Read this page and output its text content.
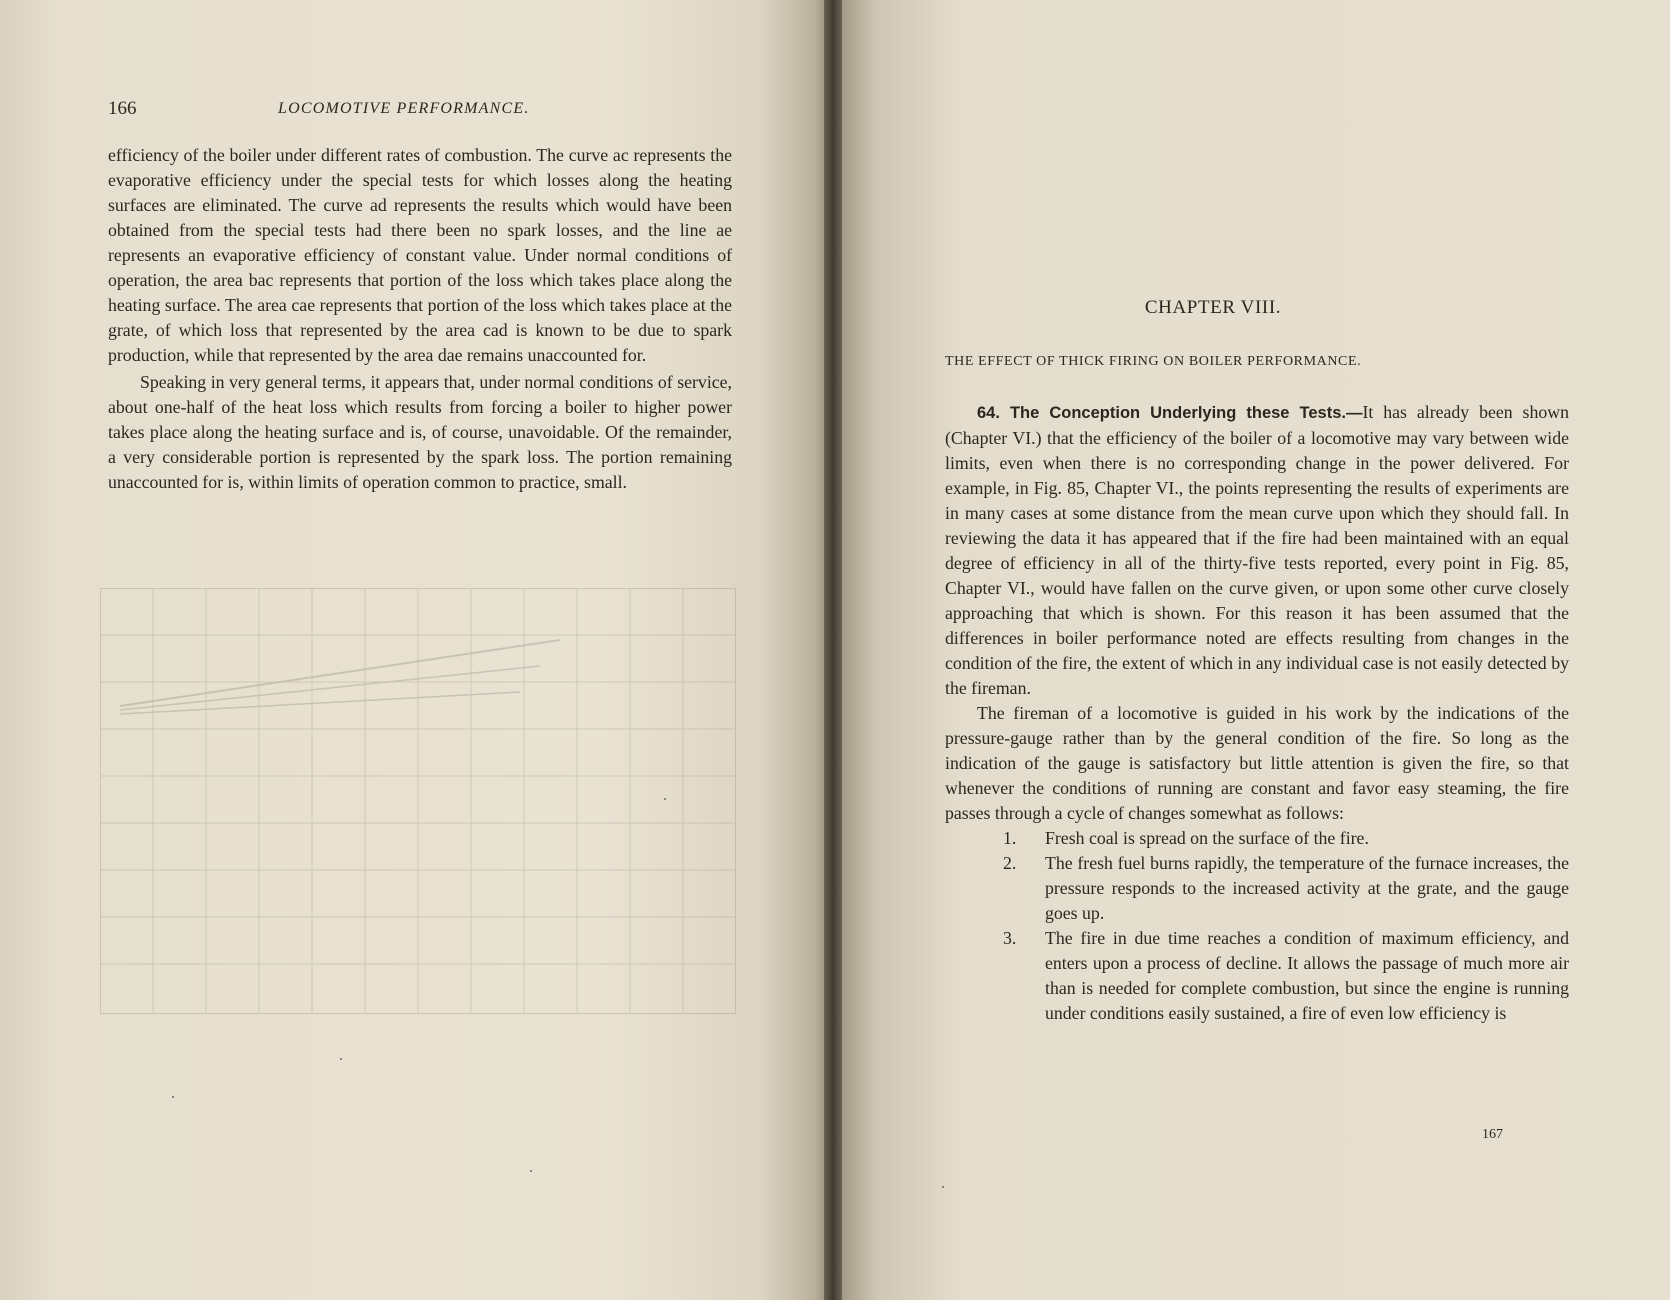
166	LOCOMOTIVE PERFORMANCE.

efficiency of the boiler under different rates of combustion. The curve ac represents the evaporative efficiency under the special tests for which losses along the heating surfaces are eliminated. The curve ad represents the results which would have been obtained from the special tests had there been no spark losses, and the line ae represents an evaporative efficiency of constant value. Under normal conditions of operation, the area bac represents that portion of the loss which takes place along the heating surface. The area cae represents that portion of the loss which takes place at the grate, of which loss that represented by the area cad is known to be due to spark production, while that represented by the area dae remains unaccounted for.

Speaking in very general terms, it appears that, under normal conditions of service, about one-half of the heat loss which results from forcing a boiler to higher power takes place along the heating surface and is, of course, unavoidable. Of the remainder, a very considerable portion is represented by the spark loss. The portion remaining unaccounted for is, within limits of operation common to practice, small.

CHAPTER VIII.
THE EFFECT OF THICK FIRING ON BOILER PERFORMANCE.

64. The Conception Underlying these Tests.—It has already been shown (Chapter VI.) that the efficiency of the boiler of a locomotive may vary between wide limits, even when there is no corresponding change in the power delivered. For example, in Fig. 85, Chapter VI., the points representing the results of experiments are in many cases at some distance from the mean curve upon which they should fall. In reviewing the data it has appeared that if the fire had been maintained with an equal degree of efficiency in all of the thirty-five tests reported, every point in Fig. 85, Chapter VI., would have fallen on the curve given, or upon some other curve closely approaching that which is shown. For this reason it has been assumed that the differences in boiler performance noted are effects resulting from changes in the condition of the fire, the extent of which in any individual case is not easily detected by the fireman.

The fireman of a locomotive is guided in his work by the indications of the pressure-gauge rather than by the general condition of the fire. So long as the indication of the gauge is satisfactory but little attention is given the fire, so that whenever the conditions of running are constant and favor easy steaming, the fire passes through a cycle of changes somewhat as follows:

1. Fresh coal is spread on the surface of the fire.
2. The fresh fuel burns rapidly, the temperature of the furnace increases, the pressure responds to the increased activity at the grate, and the gauge goes up.
3. The fire in due time reaches a condition of maximum efficiency, and enters upon a process of decline. It allows the passage of much more air than is needed for complete combustion, but since the engine is running under conditions easily sustained, a fire of even low efficiency is
167
